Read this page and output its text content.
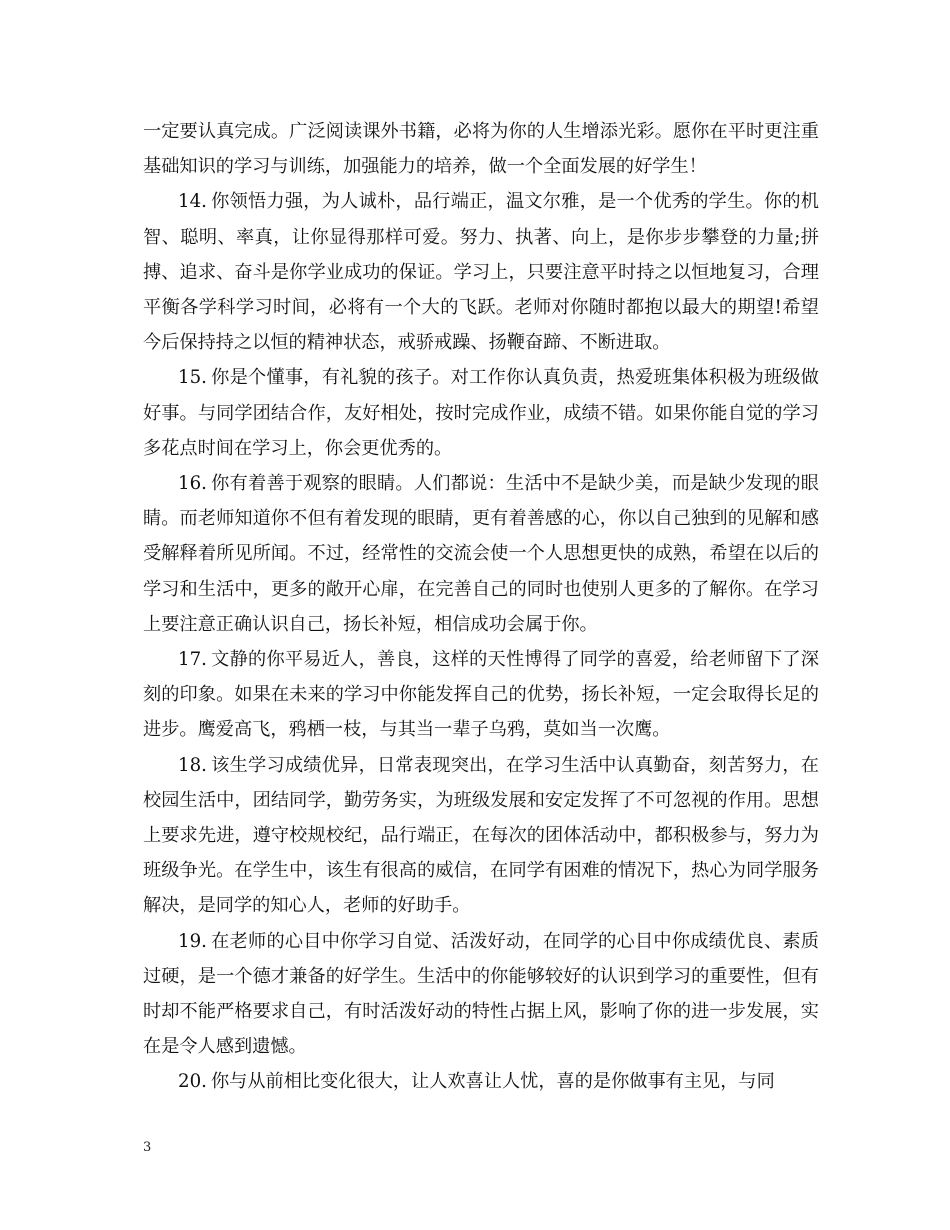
一定要认真完成。广泛阅读课外书籍，必将为你的人生增添光彩。愿你在平时更注重基础知识的学习与训练，加强能力的培养，做一个全面发展的好学生！

14. 你领悟力强，为人诚朴，品行端正，温文尔雅，是一个优秀的学生。你的机智、聪明、率真，让你显得那样可爱。努力、执著、向上，是你步步攀登的力量;拼搏、追求、奋斗是你学业成功的保证。学习上，只要注意平时持之以恒地复习，合理平衡各学科学习时间，必将有一个大的飞跃。老师对你随时都抱以最大的期望!希望今后保持持之以恒的精神状态，戒骄戒躁、扬鞭奋蹄、不断进取。

15. 你是个懂事，有礼貌的孩子。对工作你认真负责，热爱班集体积极为班级做好事。与同学团结合作，友好相处，按时完成作业，成绩不错。如果你能自觉的学习多花点时间在学习上，你会更优秀的。

16. 你有着善于观察的眼睛。人们都说：生活中不是缺少美，而是缺少发现的眼睛。而老师知道你不但有着发现的眼睛，更有着善感的心，你以自己独到的见解和感受解释着所见所闻。不过，经常性的交流会使一个人思想更快的成熟，希望在以后的学习和生活中，更多的敞开心扉，在完善自己的同时也使别人更多的了解你。在学习上要注意正确认识自己，扬长补短，相信成功会属于你。

17. 文静的你平易近人，善良，这样的天性博得了同学的喜爱，给老师留下了深刻的印象。如果在未来的学习中你能发挥自己的优势，扬长补短，一定会取得长足的进步。鹰爱高飞，鸦栖一枝，与其当一辈子乌鸦，莫如当一次鹰。

18. 该生学习成绩优异，日常表现突出，在学习生活中认真勤奋，刻苦努力，在校园生活中，团结同学，勤劳务实，为班级发展和安定发挥了不可忽视的作用。思想上要求先进，遵守校规校纪，品行端正，在每次的团体活动中，都积极参与，努力为班级争光。在学生中，该生有很高的威信，在同学有困难的情况下，热心为同学服务解决，是同学的知心人，老师的好助手。

19. 在老师的心目中你学习自觉、活泼好动，在同学的心目中你成绩优良、素质过硬，是一个德才兼备的好学生。生活中的你能够较好的认识到学习的重要性，但有时却不能严格要求自己，有时活泼好动的特性占据上风，影响了你的进一步发展，实在是令人感到遗憾。

20. 你与从前相比变化很大，让人欢喜让人忧，喜的是你做事有主见，与同

3
